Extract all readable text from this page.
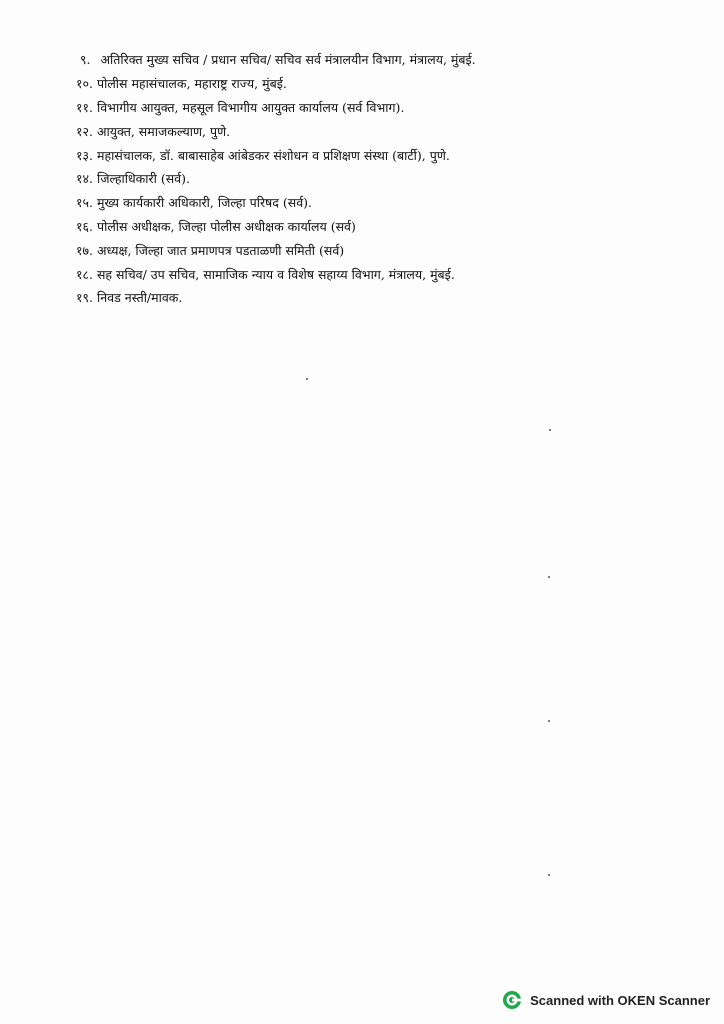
९. अतिरिक्त मुख्य सचिव / प्रधान सचिव/ सचिव सर्व मंत्रालयीन विभाग, मंत्रालय, मुंबई.
१०. पोलीस महासंचालक, महाराष्ट्र राज्य, मुंबई.
११. विभागीय आयुक्त, महसूल विभागीय आयुक्त कार्यालय (सर्व विभाग).
१२. आयुक्त, समाजकल्याण, पुणे.
१३. महासंचालक, डॉ. बाबासाहेब आंबेडकर संशोधन व प्रशिक्षण संस्था (बार्टी), पुणे.
१४. जिल्हाधिकारी (सर्व).
१५. मुख्य कार्यकारी अधिकारी, जिल्हा परिषद (सर्व).
१६. पोलीस अधीक्षक, जिल्हा पोलीस अधीक्षक कार्यालय (सर्व)
१७. अध्यक्ष, जिल्हा जात प्रमाणपत्र पडताळणी समिती (सर्व)
१८. सह सचिव/ उप सचिव, सामाजिक न्याय व विशेष सहाय्य विभाग, मंत्रालय, मुंबई.
१९. निवड नस्ती/मावक.
Scanned with OKEN Scanner
